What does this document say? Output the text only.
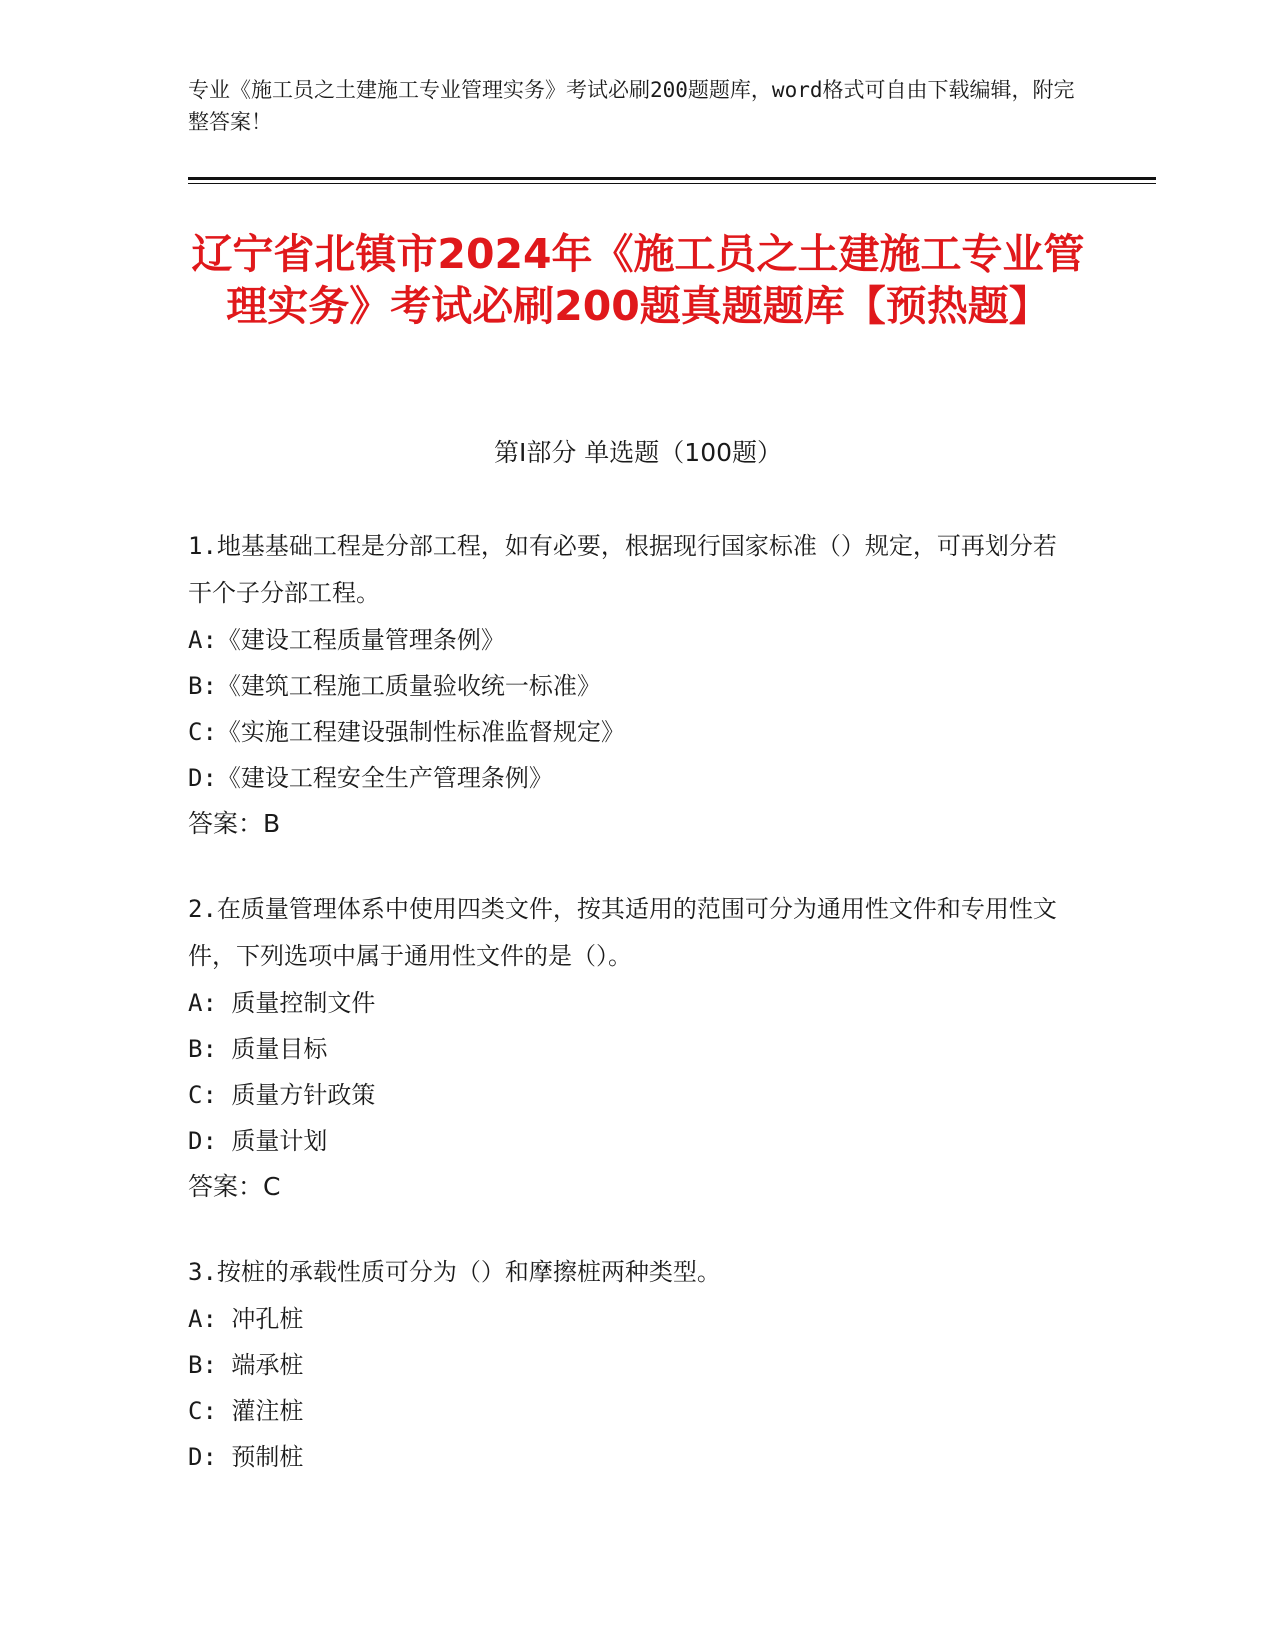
专业《施工员之土建施工专业管理实务》考试必刷200题题库，word格式可自由下载编辑，附完整答案！
辽宁省北镇市2024年《施工员之土建施工专业管理实务》考试必刷200题真题题库【预热题】
第I部分 单选题（100题）
1.地基基础工程是分部工程，如有必要，根据现行国家标准（）规定，可再划分若干个子分部工程。
A:《建设工程质量管理条例》
B:《建筑工程施工质量验收统一标准》
C:《实施工程建设强制性标准监督规定》
D:《建设工程安全生产管理条例》
答案：B
2.在质量管理体系中使用四类文件，按其适用的范围可分为通用性文件和专用性文件，下列选项中属于通用性文件的是（）。
A: 质量控制文件
B: 质量目标
C: 质量方针政策
D: 质量计划
答案：C
3.按桩的承载性质可分为（）和摩擦桩两种类型。
A: 冲孔桩
B: 端承桩
C: 灌注桩
D: 预制桩
